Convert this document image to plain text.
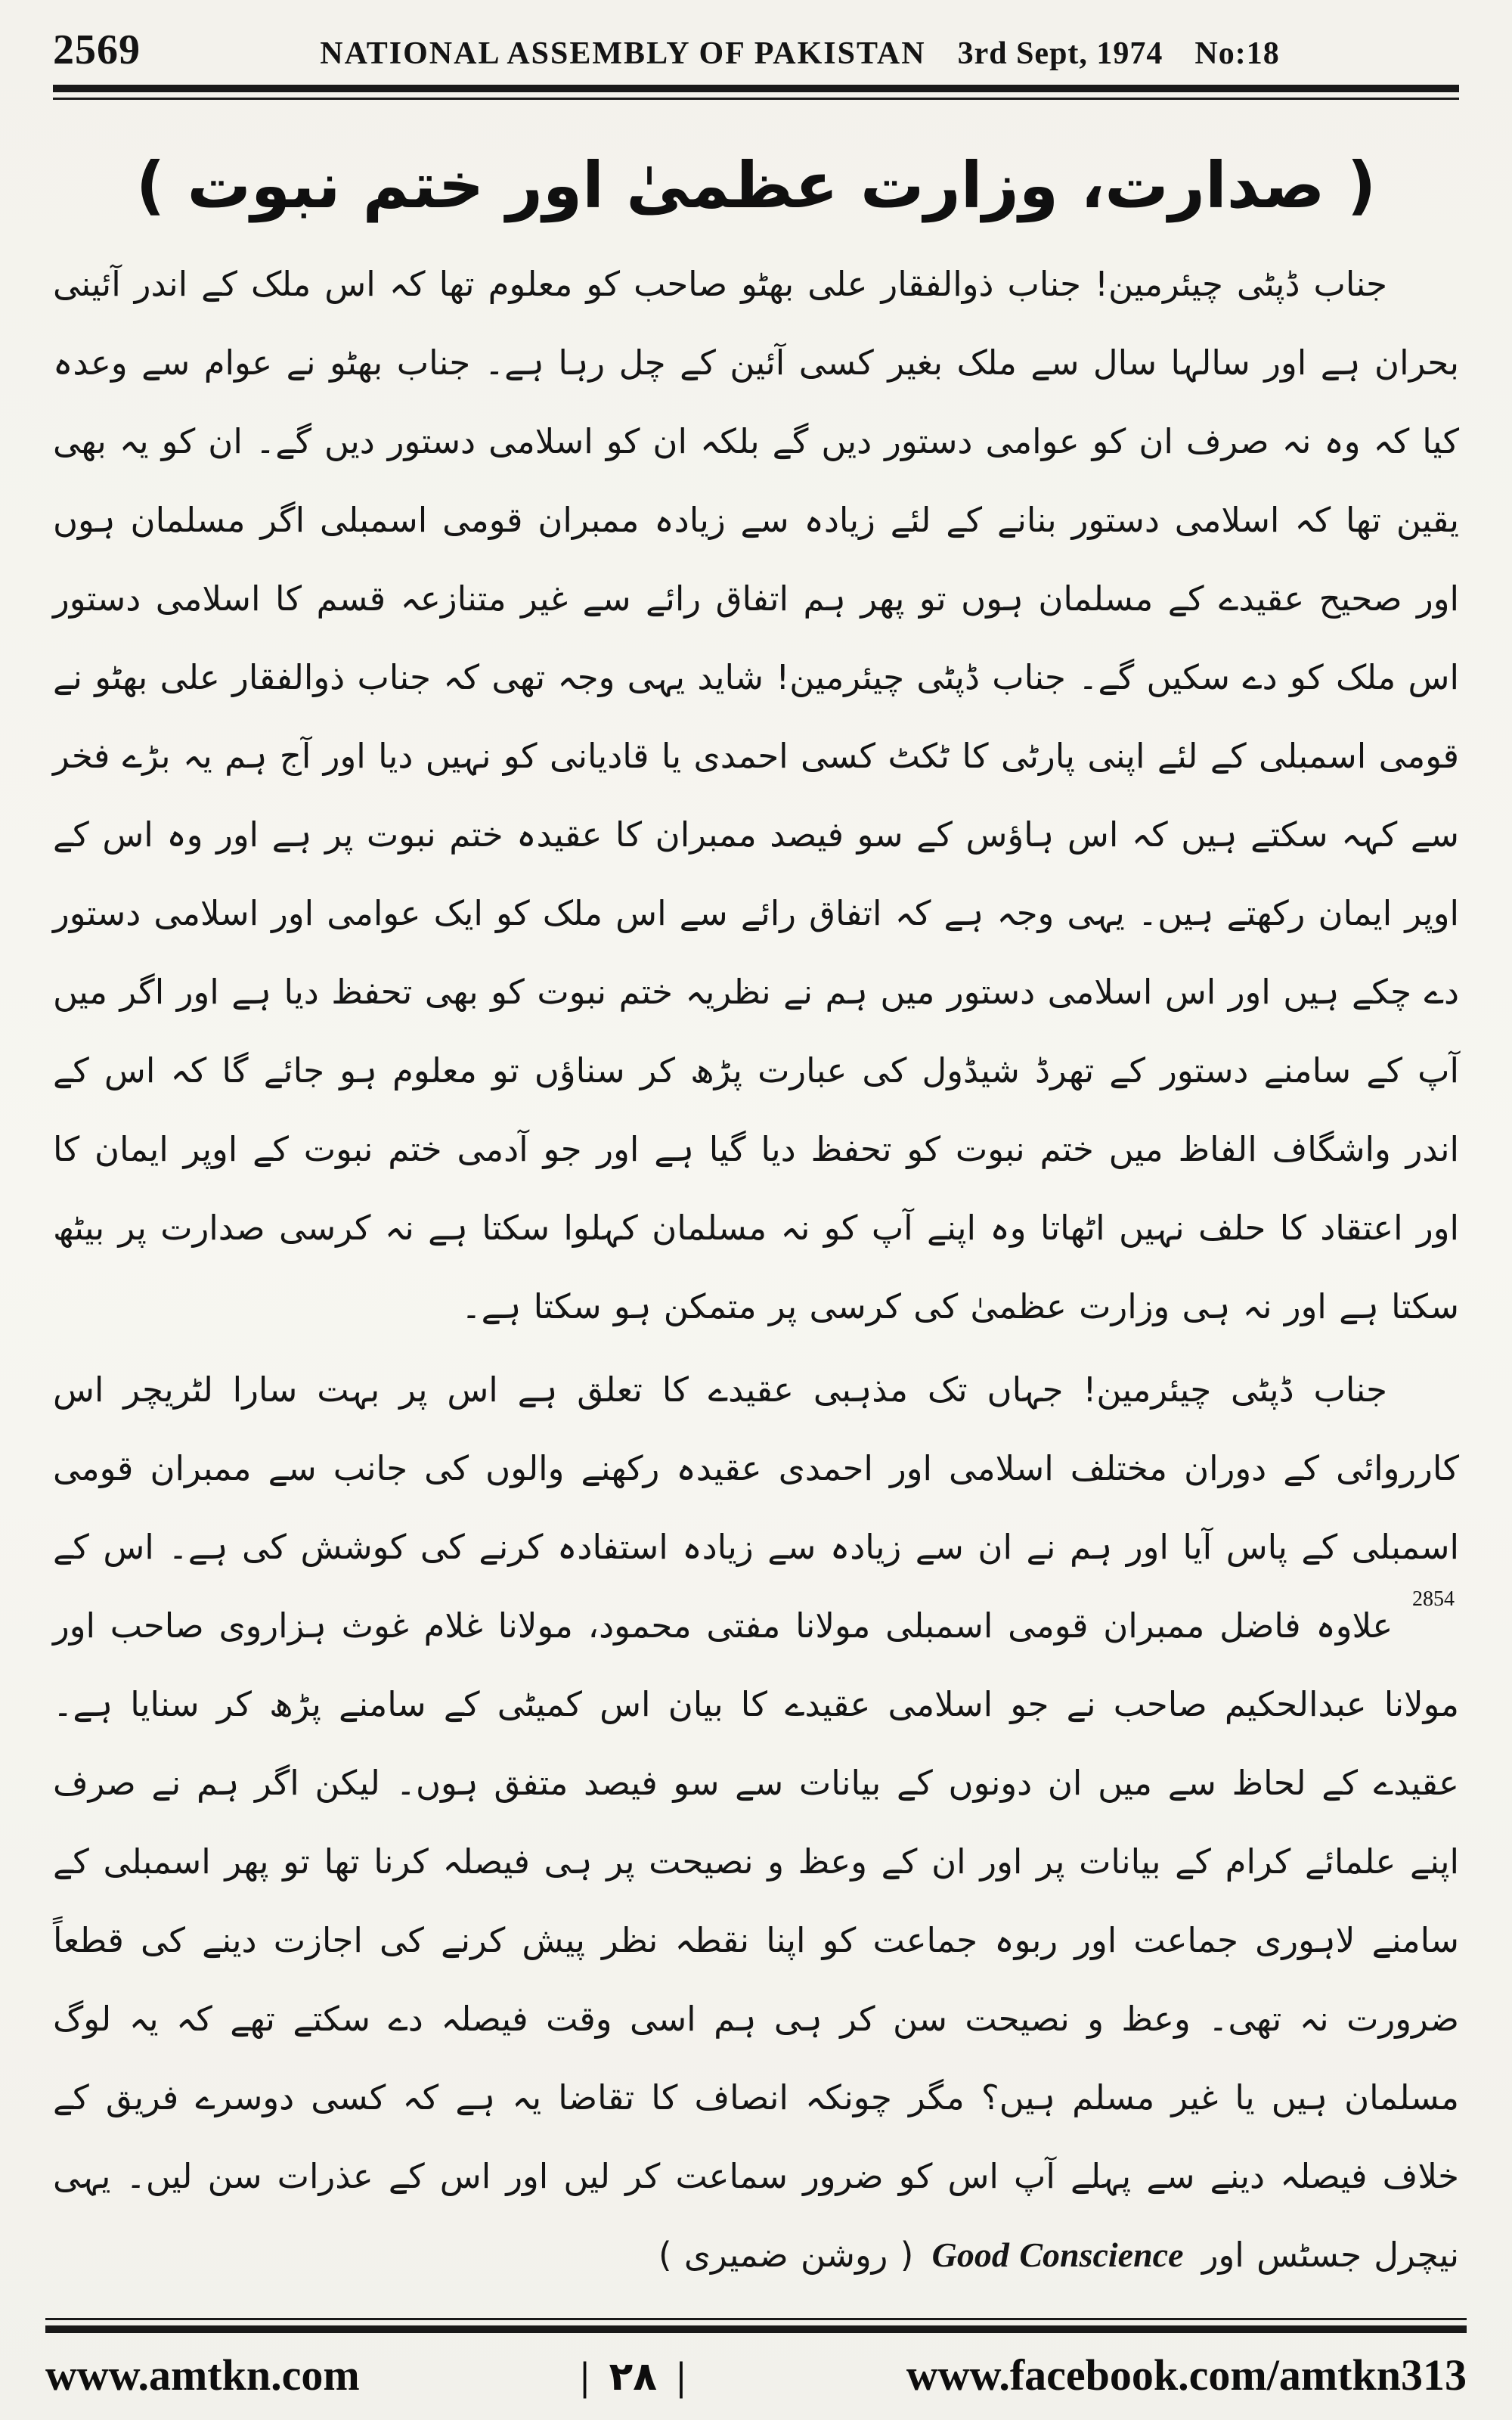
2569	NATIONAL ASSEMBLY OF PAKISTAN 3rd Sept, 1974 No:18
( صدارت، وزارت عظمیٰ اور ختم نبوت )

جناب ڈپٹی چیئرمین! جناب ذوالفقار علی بھٹو صاحب کو معلوم تھا کہ اس ملک کے اندر آئینی بحران ہے اور سالہا سال سے ملک بغیر کسی آئین کے چل رہا ہے۔ جناب بھٹو نے عوام سے وعدہ کیا کہ وہ نہ صرف ان کو عوامی دستور دیں گے بلکہ ان کو اسلامی دستور دیں گے۔ ان کو یہ بھی یقین تھا کہ اسلامی دستور بنانے کے لئے زیادہ سے زیادہ ممبران قومی اسمبلی اگر مسلمان ہوں اور صحیح عقیدے کے مسلمان ہوں تو پھر ہم اتفاق رائے سے غیر متنازعہ قسم کا اسلامی دستور اس ملک کو دے سکیں گے۔ جناب ڈپٹی چیئرمین! شاید یہی وجہ تھی کہ جناب ذوالفقار علی بھٹو نے قومی اسمبلی کے لئے اپنی پارٹی کا ٹکٹ کسی احمدی یا قادیانی کو نہیں دیا اور آج ہم یہ بڑے فخر سے کہہ سکتے ہیں کہ اس ہاؤس کے سو فیصد ممبران کا عقیدہ ختم نبوت پر ہے اور وہ اس کے اوپر ایمان رکھتے ہیں۔ یہی وجہ ہے کہ اتفاق رائے سے اس ملک کو ایک عوامی اور اسلامی دستور دے چکے ہیں اور اس اسلامی دستور میں ہم نے نظریہ ختم نبوت کو بھی تحفظ دیا ہے اور اگر میں آپ کے سامنے دستور کے تھرڈ شیڈول کی عبارت پڑھ کر سناؤں تو معلوم ہو جائے گا کہ اس کے اندر واشگاف الفاظ میں ختم نبوت کو تحفظ دیا گیا ہے اور جو آدمی ختم نبوت کے اوپر ایمان کا اور اعتقاد کا حلف نہیں اٹھاتا وہ اپنے آپ کو نہ مسلمان کہلوا سکتا ہے نہ کرسی صدارت پر بیٹھ سکتا ہے اور نہ ہی وزارت عظمیٰ کی کرسی پر متمکن ہو سکتا ہے۔

جناب ڈپٹی چیئرمین! جہاں تک مذہبی عقیدے کا تعلق ہے اس پر بہت سارا لٹریچر اس کارروائی کے دوران مختلف اسلامی اور احمدی عقیدہ رکھنے والوں کی جانب سے ممبران قومی اسمبلی کے پاس آیا اور ہم نے ان سے زیادہ سے زیادہ استفادہ کرنے کی کوشش کی ہے۔ اس کے $^{2854}$ علاوہ فاضل ممبران قومی اسمبلی مولانا مفتی محمود، مولانا غلام غوث ہزاروی صاحب اور مولانا عبدالحکیم صاحب نے جو اسلامی عقیدے کا بیان اس کمیٹی کے سامنے پڑھ کر سنایا ہے۔ عقیدے کے لحاظ سے میں ان دونوں کے بیانات سے سو فیصد متفق ہوں۔ لیکن اگر ہم نے صرف اپنے علمائے کرام کے بیانات پر اور ان کے وعظ و نصیحت پر ہی فیصلہ کرنا تھا تو پھر اسمبلی کے سامنے لاہوری جماعت اور ربوہ جماعت کو اپنا نقطہ نظر پیش کرنے کی اجازت دینے کی قطعاً ضرورت نہ تھی۔ وعظ و نصیحت سن کر ہی ہم اسی وقت فیصلہ دے سکتے تھے کہ یہ لوگ مسلمان ہیں یا غیر مسلم ہیں؟ مگر چونکہ انصاف کا تقاضا یہ ہے کہ کسی دوسرے فریق کے خلاف فیصلہ دینے سے پہلے آپ اس کو ضرور سماعت کر لیں اور اس کے عذرات سن لیں۔ یہی نیچرل جسٹس اور Good Conscience ( روشن ضمیری )

www.amtkn.com	| ۲۸ |	www.facebook.com/amtkn313
